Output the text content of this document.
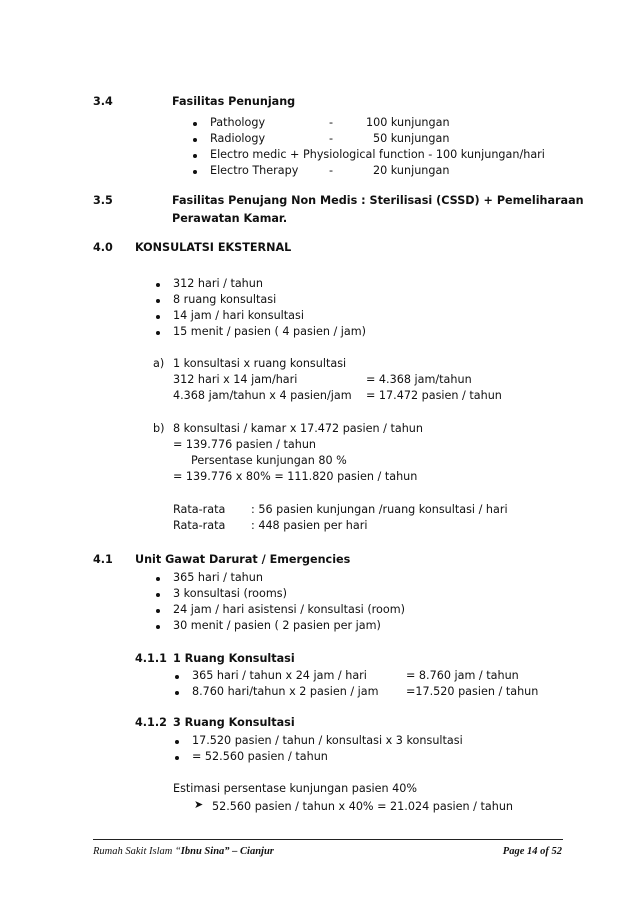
3.4	Fasilitas Penunjang
Pathology	-	100 kunjungan
Radiology	-	50 kunjungan
Electro medic + Physiological function - 100 kunjungan/hari
Electro Therapy	-	20 kunjungan
3.5	Fasilitas Penujang Non Medis : Sterilisasi (CSSD) + Pemeliharaan
Perawatan Kamar.
4.0 KONSULATSI EKSTERNAL
312 hari / tahun
8 ruang konsultasi
14 jam / hari konsultasi
15 menit / pasien ( 4 pasien / jam)
a) 1 konsultasi x ruang konsultasi
312 hari x 14 jam/hari	= 4.368 jam/tahun
4.368 jam/tahun x 4 pasien/jam = 17.472 pasien / tahun
b) 8 konsultasi / kamar x 17.472 pasien / tahun
= 139.776 pasien / tahun
Persentase kunjungan 80 %
= 139.776 x 80% = 111.820 pasien / tahun
Rata-rata : 56 pasien kunjungan /ruang konsultasi / hari
Rata-rata : 448 pasien per hari
4.1 Unit Gawat Darurat / Emergencies
365 hari / tahun
3 konsultasi (rooms)
24 jam / hari asistensi / konsultasi (room)
30 menit / pasien ( 2 pasien per jam)
4.1.1 1 Ruang Konsultasi
365 hari / tahun x 24 jam / hari	= 8.760 jam / tahun
8.760 hari/tahun x 2 pasien / jam =17.520 pasien / tahun
4.1.2 3 Ruang Konsultasi
17.520 pasien / tahun / konsultasi x 3 konsultasi
= 52.560 pasien / tahun
Estimasi persentase kunjungan pasien 40%
➤ 52.560 pasien / tahun x 40% = 21.024 pasien / tahun
Rumah Sakit Islam “Ibnu Sina” – Cianjur	Page 14 of 52
